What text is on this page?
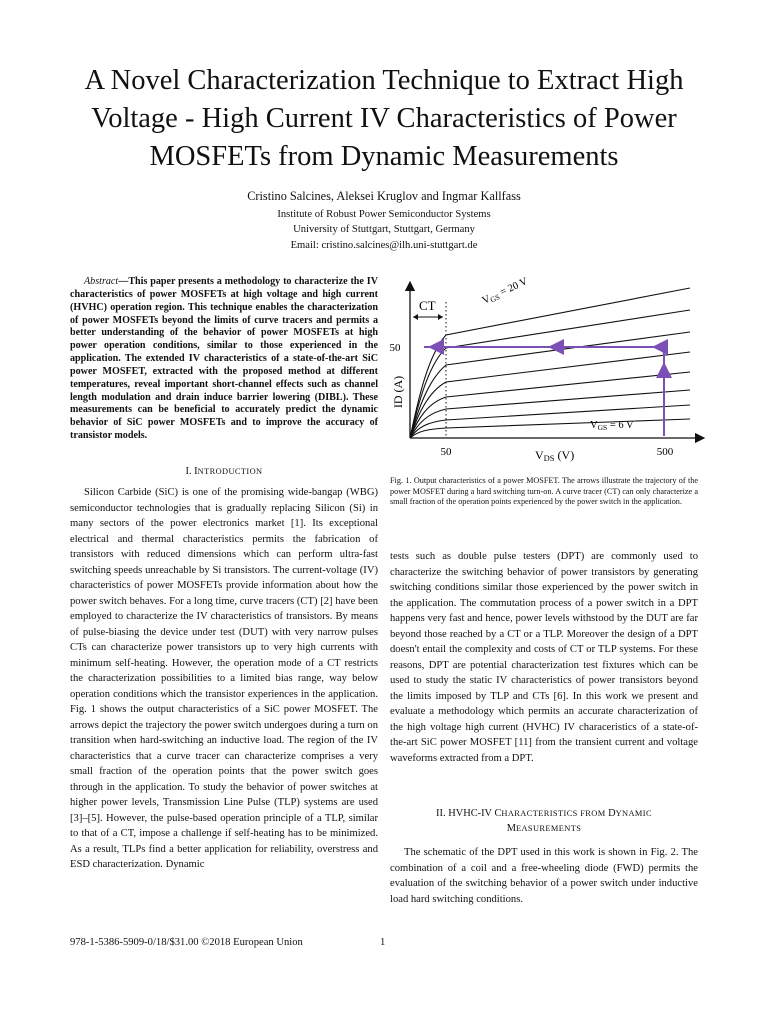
A Novel Characterization Technique to Extract High Voltage - High Current IV Characteristics of Power MOSFETs from Dynamic Measurements
Cristino Salcines, Aleksei Kruglov and Ingmar Kallfass
Institute of Robust Power Semiconductor Systems
University of Stuttgart, Stuttgart, Germany
Email: cristino.salcines@ilh.uni-stuttgart.de
Abstract—This paper presents a methodology to characterize the IV characteristics of power MOSFETs at high voltage and high current (HVHC) operation region. This technique enables the characterization of power MOSFETs beyond the limits of curve tracers and permits a better understanding of the behavior of power MOSFETs at high power operation conditions, similar to those experienced in the application. The extended IV characteristics of a state-of-the-art SiC power MOSFET, extracted with the proposed method at different temperatures, reveal important short-channel effects such as channel length modulation and drain induce barrier lowering (DIBL). These measurements can be beneficial to accurately predict the dynamic behavior of SiC power MOSFETs and to improve the accuracy of transistor models.
I. INTRODUCTION

Silicon Carbide (SiC) is one of the promising wide-bangap (WBG) semiconductor technologies that is gradually replacing Silicon (Si) in many sectors of the power electronics market [1]. Its exceptional electrical and thermal characteristics permits the fabrication of transistors with reduced dimensions which can perform ultra-fast switching speeds unreachable by Si transistors. The current-voltage (IV) characteristics of power MOSFETs provide information about how the power switch behaves. For a long time, curve tracers (CT) [2] have been employed to characterize the IV characteristics of transistors. By means of pulse-biasing the device under test (DUT) with very narrow pulses CTs can characterize power transistors up to very high currents with minimum self-heating. However, the operation mode of a CT restricts the characterization possibilities to a limited bias range, way below operation conditions which the transistor experiences in the application. Fig. 1 shows the output characteristics of a SiC power MOSFET. The arrows depict the trajectory the power switch undergoes during a turn on transition when hard-switching an inductive load. The region of the IV characteristics that a curve tracer can characterize comprises a very small fraction of the operation points that the power switch goes through in the application. To study the behavior of power switches at higher power levels, Transmission Line Pulse (TLP) systems are used [3]–[5]. However, the pulse-based operation principle of a TLP, similar to that of a CT, impose a challenge if self-heating has to be minimized. As a result, TLPs find a better application for reliability, overstress and ESD characterization. Dynamic

CT	VGS = 20 V
VGS = 6 V
ID (A)
50
50	500
VDS (V)
Fig. 1. Output characteristics of a power MOSFET. The arrows illustrate the trajectory of the power MOSFET during a hard switching turn-on. A curve tracer (CT) can only characterize a small fraction of the operation points experienced by the power switch in the application.

tests such as double pulse testers (DPT) are commonly used to characterize the switching behavior of power transistors by generating switching conditions similar those experienced by the power switch in the application. The commutation process of a power switch in a DPT happens very fast and hence, power levels withstood by the DUT are far beyond those reached by a CT or a TLP. Moreover the design of a DPT doesn't entail the complexity and costs of CT or TLP systems. For these reasons, DPT are potential characterization test fixtures which can be used to study the static IV characteristics of power transistors beyond the limits imposed by TLP and CTs [6]. In this work we present and evaluate a methodology which permits an accurate characterization of the high voltage high current (HVHC) IV characeristics of a state-of-the-art SiC power MOSFET [11] from the transient current and voltage waveforms extracted from a DPT.

II. HVHC-IV CHARACTERISTICS FROM DYNAMIC
MEASUREMENTS

The schematic of the DPT used in this work is shown in Fig. 2. The combination of a coil and a free-wheeling diode (FWD) permits the evaluation of the switching behavior of a power switch under inductive load hard switching conditions.

978-1-5386-5909-0/18/$31.00 ©2018 European Union	1
